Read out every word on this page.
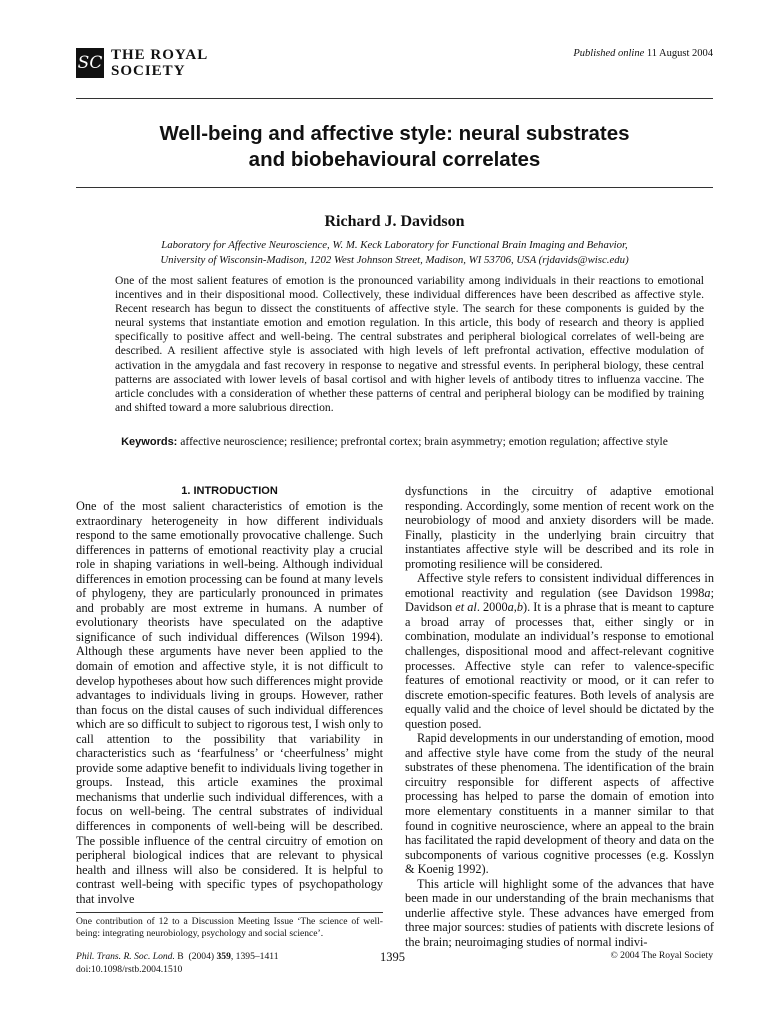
SC THE ROYAL
SOCIETY
Published online 11 August 2004
Well-being and affective style: neural substrates
and biobehavioural correlates
Richard J. Davidson
Laboratory for Affective Neuroscience, W. M. Keck Laboratory for Functional Brain Imaging and Behavior,
University of Wisconsin-Madison, 1202 West Johnson Street, Madison, WI 53706, USA (rjdavids@wisc.edu)
One of the most salient features of emotion is the pronounced variability among individuals in their reactions to emotional incentives and in their dispositional mood. Collectively, these individual differences have been described as affective style. Recent research has begun to dissect the constituents of affective style. The search for these components is guided by the neural systems that instantiate emotion and emotion regulation. In this article, this body of research and theory is applied specifically to positive affect and well-being. The central substrates and peripheral biological correlates of well-being are described. A resilient affective style is associated with high levels of left prefrontal activation, effective modulation of activation in the amygdala and fast recovery in response to negative and stressful events. In peripheral biology, these central patterns are associated with lower levels of basal cortisol and with higher levels of antibody titres to influenza vaccine. The article concludes with a consideration of whether these patterns of central and peripheral biology can be modified by training and shifted toward a more salubrious direction.
Keywords: affective neuroscience; resilience; prefrontal cortex; brain asymmetry; emotion regulation; affective style
1. INTRODUCTION

One of the most salient characteristics of emotion is the extraordinary heterogeneity in how different individuals respond to the same emotionally provocative challenge. Such differences in patterns of emotional reactivity play a crucial role in shaping variations in well-being. Although individual differences in emotion processing can be found at many levels of phylogeny, they are particularly pronounced in primates and probably are most extreme in humans. A number of evolutionary theorists have speculated on the adaptive significance of such individual differences (Wilson 1994). Although these arguments have never been applied to the domain of emotion and affective style, it is not difficult to develop hypotheses about how such differences might provide advantages to individuals living in groups. However, rather than focus on the distal causes of such individual differences which are so difficult to subject to rigorous test, I wish only to call attention to the possibility that variability in characteristics such as ‘fearfulness’ or ‘cheerfulness’ might provide some adaptive benefit to individuals living together in groups. Instead, this article examines the proximal mechanisms that underlie such individual differences, with a focus on well-being. The central substrates of individual differences in components of well-being will be described. The possible influence of the central circuitry of emotion on peripheral biological indices that are relevant to physical health and illness will also be considered. It is helpful to contrast well-being with specific types of psychopathology that involve

dysfunctions in the circuitry of adaptive emotional responding. Accordingly, some mention of recent work on the neurobiology of mood and anxiety disorders will be made. Finally, plasticity in the underlying brain circuitry that instantiates affective style will be described and its role in promoting resilience will be considered.

Affective style refers to consistent individual differences in emotional reactivity and regulation (see Davidson 1998a; Davidson et al. 2000a,b). It is a phrase that is meant to capture a broad array of processes that, either singly or in combination, modulate an individual’s response to emotional challenges, dispositional mood and affect-relevant cognitive processes. Affective style can refer to valence-specific features of emotional reactivity or mood, or it can refer to discrete emotion-specific features. Both levels of analysis are equally valid and the choice of level should be dictated by the question posed.

Rapid developments in our understanding of emotion, mood and affective style have come from the study of the neural substrates of these phenomena. The identification of the brain circuitry responsible for different aspects of affective processing has helped to parse the domain of emotion into more elementary constituents in a manner similar to that found in cognitive neuroscience, where an appeal to the brain has facilitated the rapid development of theory and data on the subcomponents of various cognitive processes (e.g. Kosslyn & Koenig 1992).

This article will highlight some of the advances that have been made in our understanding of the brain mechanisms that underlie affective style. These advances have emerged from three major sources: studies of patients with discrete lesions of the brain; neuroimaging studies of normal indivi-

One contribution of 12 to a Discussion Meeting Issue ‘The science of well-being: integrating neurobiology, psychology and social science’.
Phil. Trans. R. Soc. Lond. B (2004) 359, 1395–1411
doi:10.1098/rstb.2004.1510
1395	© 2004 The Royal Society
